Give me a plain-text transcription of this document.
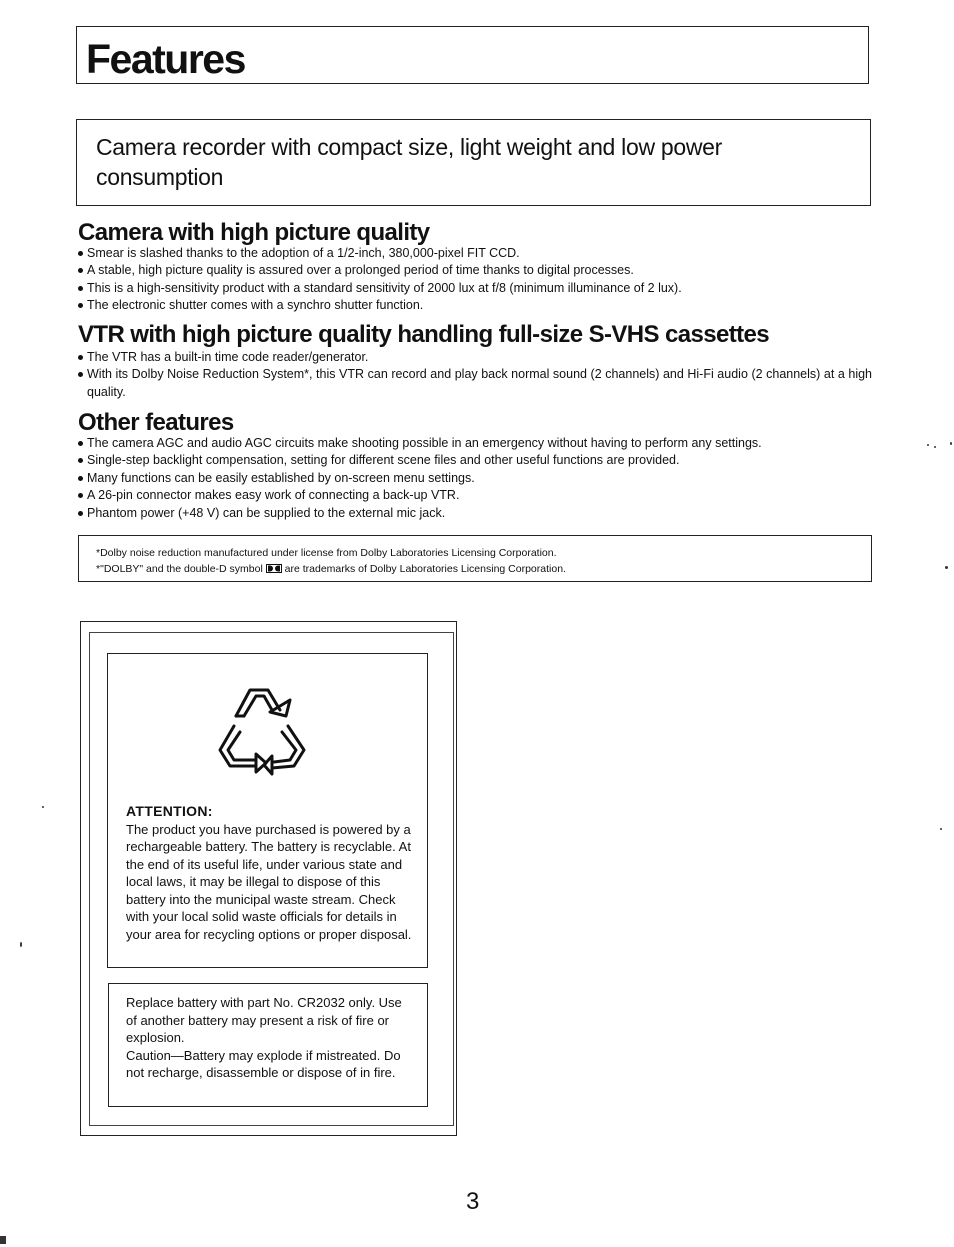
Features

Camera recorder with compact size, light weight and low power consumption

Camera with high picture quality
Smear is slashed thanks to the adoption of a 1/2-inch, 380,000-pixel FIT CCD.
A stable, high picture quality is assured over a prolonged period of time thanks to digital processes.
This is a high-sensitivity product with a standard sensitivity of 2000 lux at f/8 (minimum illuminance of 2 lux).
The electronic shutter comes with a synchro shutter function.
VTR with high picture quality handling full-size S-VHS cassettes
The VTR has a built-in time code reader/generator.
With its Dolby Noise Reduction System*, this VTR can record and play back normal sound (2 channels) and Hi-Fi audio (2 channels) at a high quality.
Other features
The camera AGC and audio AGC circuits make shooting possible in an emergency without having to perform any settings.
Single-step backlight compensation, setting for different scene files and other useful functions are provided.
Many functions can be easily established by on-screen menu settings.
A 26-pin connector makes easy work of connecting a back-up VTR.
Phantom power (+48 V) can be supplied to the external mic jack.
*Dolby noise reduction manufactured under license from Dolby Laboratories Licensing Corporation.
*"DOLBY" and the double-D symbol are trademarks of Dolby Laboratories Licensing Corporation.
ATTENTION:
The product you have purchased is powered by a rechargeable battery. The battery is recyclable. At the end of its useful life, under various state and local laws, it may be illegal to dispose of this battery into the municipal waste stream. Check with your local solid waste officials for details in your area for recycling options or proper disposal.
Replace battery with part No. CR2032 only. Use of another battery may present a risk of fire or explosion.
Caution—Battery may explode if mistreated. Do not recharge, disassemble or dispose of in fire.
3
